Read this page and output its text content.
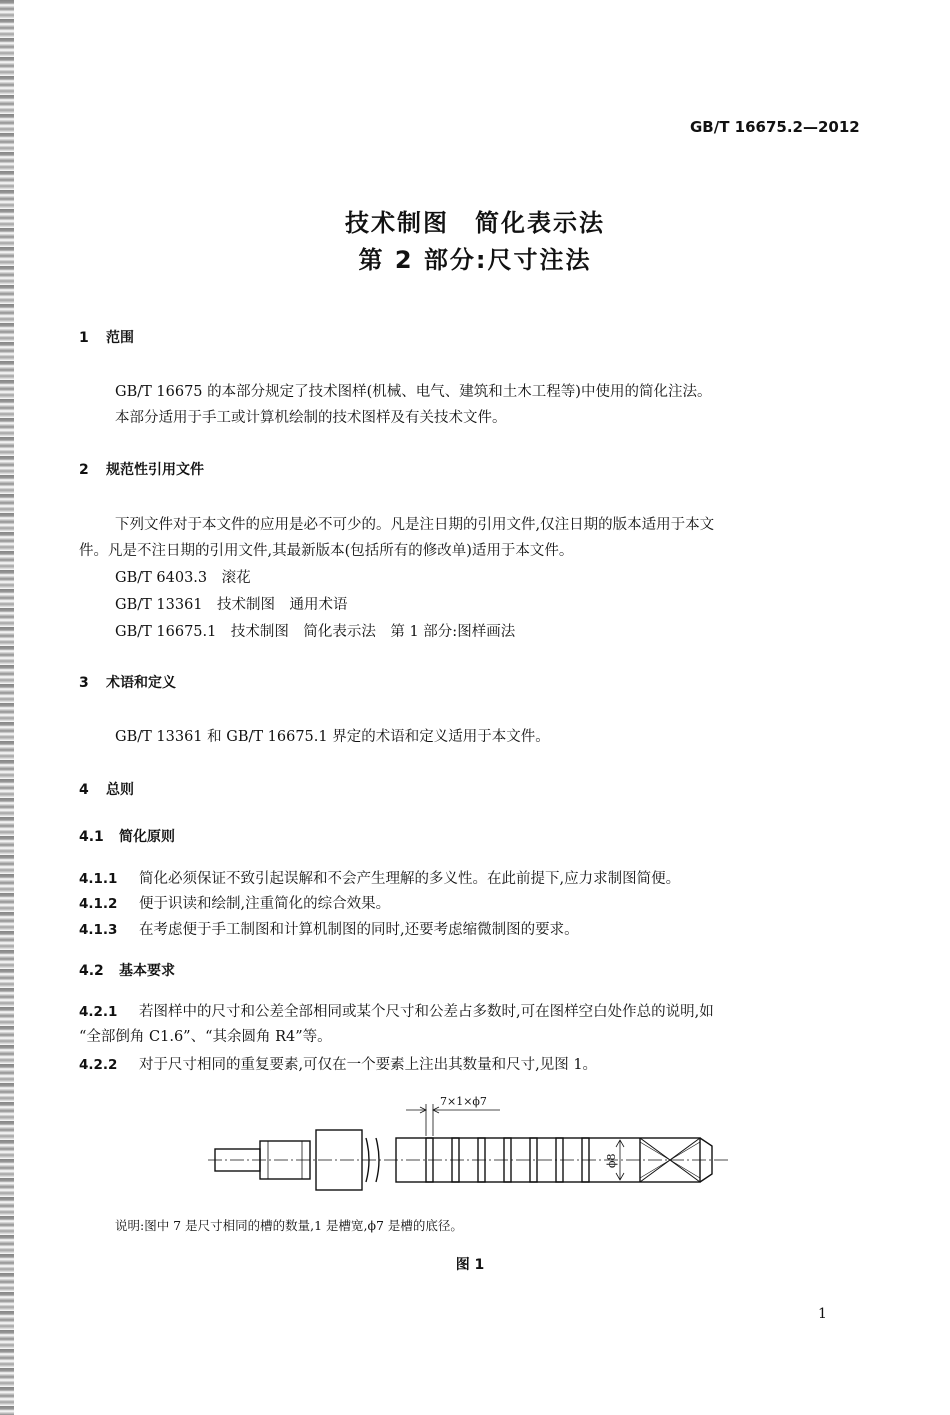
GB/T 16675.2—2012
技术制图　简化表示法
第 2 部分:尺寸注法
1 范围
GB/T 16675 的本部分规定了技术图样(机械、电气、建筑和土木工程等)中使用的简化注法。
本部分适用于手工或计算机绘制的技术图样及有关技术文件。
2 规范性引用文件
下列文件对于本文件的应用是必不可少的。凡是注日期的引用文件,仅注日期的版本适用于本文
件。凡是不注日期的引用文件,其最新版本(包括所有的修改单)适用于本文件。
GB/T 6403.3　滚花
GB/T 13361　技术制图　通用术语
GB/T 16675.1　技术制图　简化表示法　第 1 部分:图样画法
3 术语和定义
GB/T 13361 和 GB/T 16675.1 界定的术语和定义适用于本文件。
4 总则
4.1 简化原则
4.1.1 简化必须保证不致引起误解和不会产生理解的多义性。在此前提下,应力求制图简便。
4.1.2 便于识读和绘制,注重简化的综合效果。
4.1.3 在考虑便于手工制图和计算机制图的同时,还要考虑缩微制图的要求。
4.2 基本要求
4.2.1 若图样中的尺寸和公差全部相同或某个尺寸和公差占多数时,可在图样空白处作总的说明,如
“全部倒角 C1.6”、“其余圆角 R4”等。
4.2.2 对于尺寸相同的重复要素,可仅在一个要素上注出其数量和尺寸,见图 1。
7×1×ϕ7
ϕ8
说明:图中 7 是尺寸相同的槽的数量,1 是槽宽,ϕ7 是槽的底径。
图 1
1
